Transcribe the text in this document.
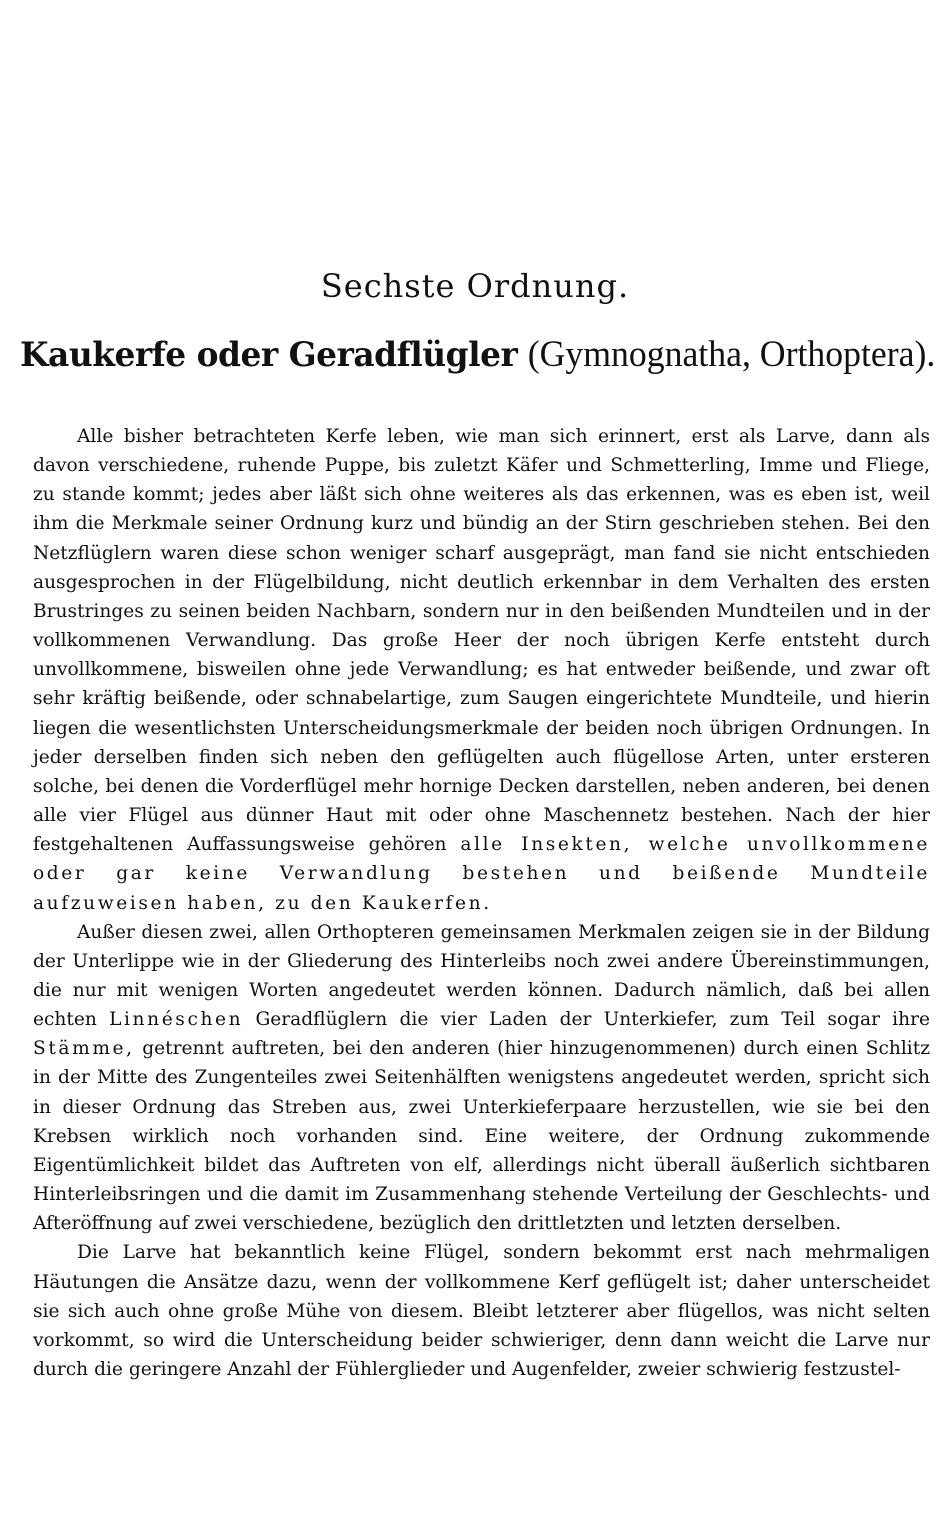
Sechste Ordnung.
Kaukerfe oder Geradflügler (Gymnognatha, Orthoptera).

Alle bisher betrachteten Kerfe leben, wie man sich erinnert, erst als Larve, dann als davon verschiedene, ruhende Puppe, bis zuletzt Käfer und Schmetterling, Imme und Fliege, zu stande kommt; jedes aber läßt sich ohne weiteres als das erkennen, was es eben ist, weil ihm die Merkmale seiner Ordnung kurz und bündig an der Stirn geschrieben stehen. Bei den Netzflüglern waren diese schon weniger scharf ausgeprägt, man fand sie nicht entschieden ausgesprochen in der Flügelbildung, nicht deutlich erkennbar in dem Verhalten des ersten Brustringes zu seinen beiden Nachbarn, sondern nur in den beißenden Mundteilen und in der vollkommenen Verwandlung. Das große Heer der noch übrigen Kerfe entsteht durch unvollkommene, bisweilen ohne jede Verwandlung; es hat entweder beißende, und zwar oft sehr kräftig beißende, oder schnabelartige, zum Saugen eingerichtete Mundteile, und hierin liegen die wesentlichsten Unterscheidungsmerkmale der beiden noch übrigen Ordnungen. In jeder derselben finden sich neben den geflügelten auch flügellose Arten, unter ersteren solche, bei denen die Vorderflügel mehr hornige Decken darstellen, neben anderen, bei denen alle vier Flügel aus dünner Haut mit oder ohne Maschennetz bestehen. Nach der hier festgehaltenen Auffassungsweise gehören alle Insekten, welche unvollkommene oder gar keine Verwandlung bestehen und beißende Mundteile aufzuweisen haben, zu den Kaukerfen.

Außer diesen zwei, allen Orthopteren gemeinsamen Merkmalen zeigen sie in der Bildung der Unterlippe wie in der Gliederung des Hinterleibs noch zwei andere Übereinstimmungen, die nur mit wenigen Worten angedeutet werden können. Dadurch nämlich, daß bei allen echten Linnéschen Geradflüglern die vier Laden der Unterkiefer, zum Teil sogar ihre Stämme, getrennt auftreten, bei den anderen (hier hinzugenommenen) durch einen Schlitz in der Mitte des Zungenteiles zwei Seitenhälften wenigstens angedeutet werden, spricht sich in dieser Ordnung das Streben aus, zwei Unterkieferpaare herzustellen, wie sie bei den Krebsen wirklich noch vorhanden sind. Eine weitere, der Ordnung zukommende Eigentümlichkeit bildet das Auftreten von elf, allerdings nicht überall äußerlich sichtbaren Hinterleibsringen und die damit im Zusammenhang stehende Verteilung der Geschlechts- und Afteröffnung auf zwei verschiedene, bezüglich den drittletzten und letzten derselben.

Die Larve hat bekanntlich keine Flügel, sondern bekommt erst nach mehrmaligen Häutungen die Ansätze dazu, wenn der vollkommene Kerf geflügelt ist; daher unterscheidet sie sich auch ohne große Mühe von diesem. Bleibt letzterer aber flügellos, was nicht selten vorkommt, so wird die Unterscheidung beider schwieriger, denn dann weicht die Larve nur durch die geringere Anzahl der Fühlerglieder und Augenfelder, zweier schwierig festzustel-
